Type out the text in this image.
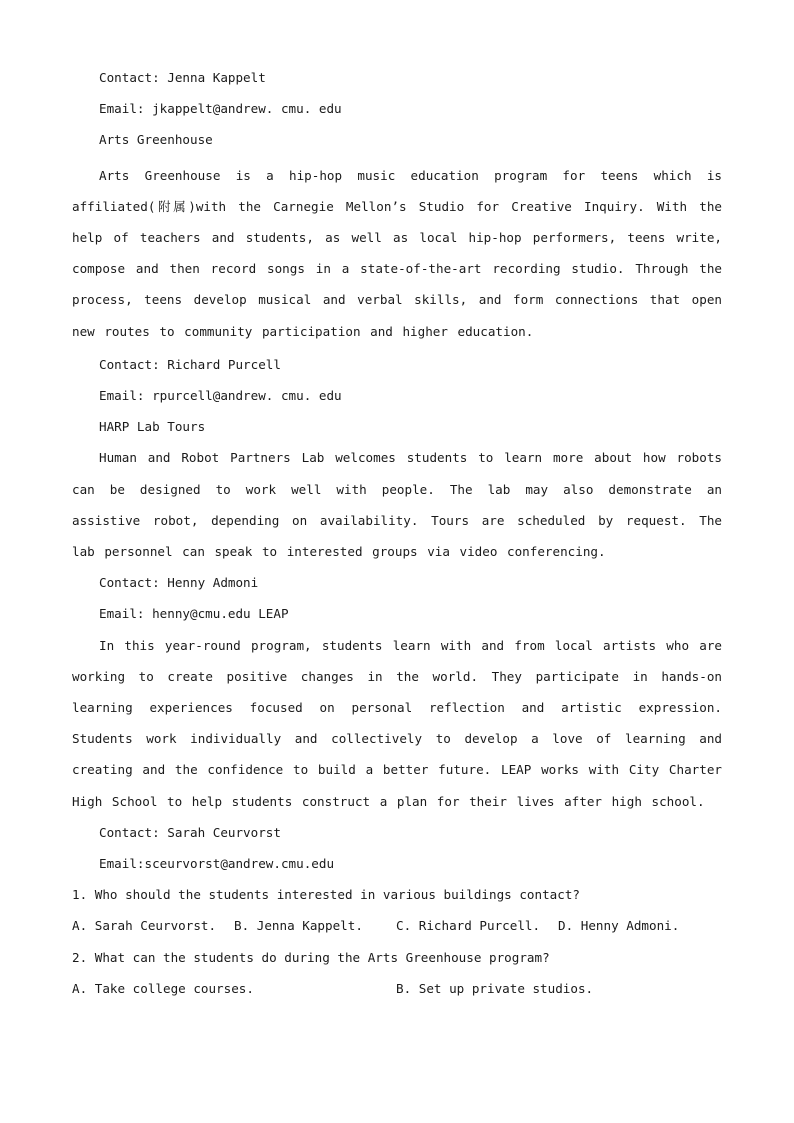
Contact: Jenna Kappelt
Email: jkappelt@andrew. cmu. edu
Arts Greenhouse

Arts Greenhouse is a hip-hop music education program for teens which is affiliated(附属)with the Carnegie Mellon’s Studio for Creative Inquiry. With the help of teachers and students, as well as local hip-hop performers, teens write, compose and then record songs in a state-of-the-art recording studio. Through the process, teens develop musical and verbal skills, and form connections that open new routes to community participation and higher education.

Contact: Richard Purcell
Email: rpurcell@andrew. cmu. edu
HARP Lab Tours

Human and Robot Partners Lab welcomes students to learn more about how robots can be designed to work well with people. The lab may also demonstrate an assistive robot, depending on availability. Tours are scheduled by request. The lab personnel can speak to interested groups via video conferencing.

Contact: Henny Admoni
Email: henny@cmu.edu LEAP

In this year-round program, students learn with and from local artists who are working to create positive changes in the world. They participate in hands-on learning experiences focused on personal reflection and artistic expression. Students work individually and collectively to develop a love of learning and creating and the confidence to build a better future. LEAP works with City Charter High School to help students construct a plan for their lives after high school.

Contact: Sarah Ceurvorst
Email:sceurvorst@andrew.cmu.edu
1. Who should the students interested in various buildings contact?
A. Sarah Ceurvorst.	B. Jenna Kappelt.	C. Richard Purcell.	D. Henny Admoni.
2. What can the students do during the Arts Greenhouse program?
A. Take college courses.	B. Set up private studios.
